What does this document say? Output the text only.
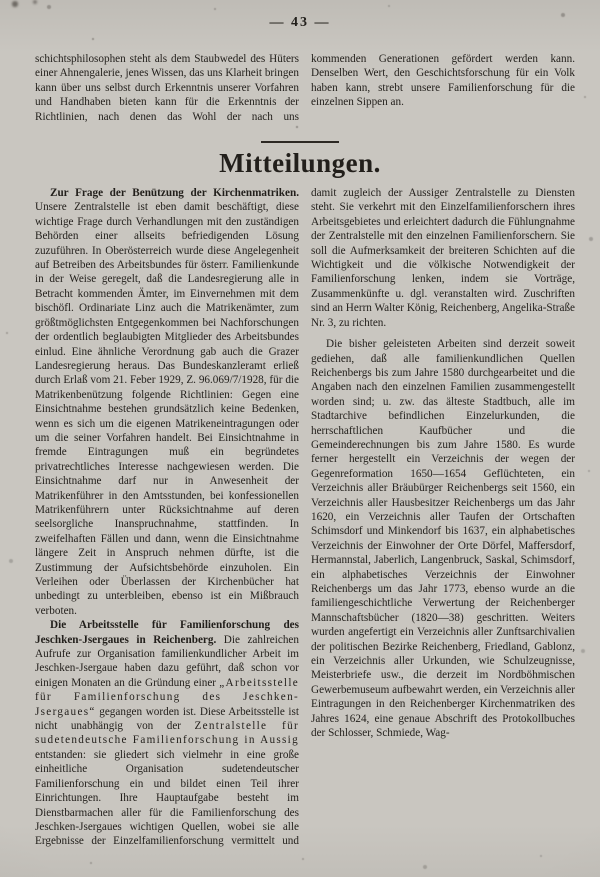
— 43 —

schichtsphilosophen steht als dem Staubwedel des Hüters einer Ahnengalerie, jenes Wissen, das uns Klarheit bringen kann über uns selbst durch Erkenntnis unserer Vorfahren und Handhaben bieten kann für die Erkenntnis der Richtlinien, nach denen das Wohl der nach uns kommenden Generationen gefördert werden kann. Denselben Wert, den Geschichtsforschung für ein Volk haben kann, strebt unsere Familienforschung für die einzelnen Sippen an.

Mitteilungen.

Zur Frage der Benützung der Kirchenmatriken. Unsere Zentralstelle ist eben damit beschäftigt, diese wichtige Frage durch Verhandlungen mit den zuständigen Behörden einer allseits befriedigenden Lösung zuzuführen. In Oberösterreich wurde diese Angelegenheit auf Betreiben des Arbeitsbundes für österr. Familienkunde in der Weise geregelt, daß die Landesregierung alle in Betracht kommenden Ämter, im Einvernehmen mit dem bischöfl. Ordinariate Linz auch die Matrikenämter, zum größtmöglichsten Entgegenkommen bei Nachforschungen der ordentlich beglaubigten Mitglieder des Arbeitsbundes einlud. Eine ähnliche Verordnung gab auch die Grazer Landesregierung heraus. Das Bundeskanzleramt erließ durch Erlaß vom 21. Feber 1929, Z. 96.069/7/1928, für die Matrikenbenützung folgende Richtlinien: Gegen eine Einsichtnahme bestehen grundsätzlich keine Bedenken, wenn es sich um die eigenen Matrikeneintragungen oder um die seiner Vorfahren handelt. Bei Einsichtnahme in fremde Eintragungen muß ein begründetes privatrechtliches Interesse nachgewiesen werden. Die Einsichtnahme darf nur in Anwesenheit der Matrikenführer in den Amtsstunden, bei konfessionellen Matrikenführern unter Rücksichtnahme auf deren seelsorgliche Inanspruchnahme, stattfinden. In zweifelhaften Fällen und dann, wenn die Einsichtnahme längere Zeit in Anspruch nehmen dürfte, ist die Zustimmung der Aufsichtsbehörde einzuholen. Ein Verleihen oder Überlassen der Kirchenbücher hat unbedingt zu unterbleiben, ebenso ist ein Mißbrauch verboten.

Die Arbeitsstelle für Familienforschung des Jeschken-Jsergaues in Reichenberg. Die zahlreichen Aufrufe zur Organisation familienkundlicher Arbeit im Jeschken-Jsergaue haben dazu geführt, daß schon vor einigen Monaten an die Gründung einer „Arbeitsstelle für Familienforschung des Jeschken-Jsergaues“ gegangen worden ist. Diese Arbeitsstelle ist nicht unabhängig von der Zentralstelle für sudetendeutsche Familienforschung in Aussig entstanden: sie gliedert sich vielmehr in eine große einheitliche Organisation sudetendeutscher Familienforschung ein und bildet einen Teil ihrer Einrichtungen. Ihre Hauptaufgabe besteht im Dienstbarmachen aller für die Familienforschung des Jeschken-Jsergaues wichtigen Quellen, wobei sie alle Ergebnisse der Einzelfamilienforschung vermittelt und damit zugleich der Aussiger Zentralstelle zu Diensten steht. Sie verkehrt mit den Einzelfamilienforschern ihres Arbeitsgebietes und erleichtert dadurch die Fühlungnahme der Zentralstelle mit den einzelnen Familienforschern. Sie soll die Aufmerksamkeit der breiteren Schichten auf die Wichtigkeit und die völkische Notwendigkeit der Familienforschung lenken, indem sie Vorträge, Zusammenkünfte u. dgl. veranstalten wird. Zuschriften sind an Herrn Walter König, Reichenberg, Angelika-Straße Nr. 3, zu richten.

Die bisher geleisteten Arbeiten sind derzeit soweit gediehen, daß alle familienkundlichen Quellen Reichenbergs bis zum Jahre 1580 durchgearbeitet und die Angaben nach den einzelnen Familien zusammengestellt worden sind; u. zw. das älteste Stadtbuch, alle im Stadtarchive befindlichen Einzelurkunden, die herrschaftlichen Kaufbücher und die Gemeinderechnungen bis zum Jahre 1580. Es wurde ferner hergestellt ein Verzeichnis der wegen der Gegenreformation 1650—1654 Geflüchteten, ein Verzeichnis aller Bräubürger Reichenbergs seit 1560, ein Verzeichnis aller Hausbesitzer Reichenbergs um das Jahr 1620, ein Verzeichnis aller Taufen der Ortschaften Schimsdorf und Minkendorf bis 1637, ein alphabetisches Verzeichnis der Einwohner der Orte Dörfel, Maffersdorf, Hermannstal, Jaberlich, Langenbruck, Saskal, Schimsdorf, ein alphabetisches Verzeichnis der Einwohner Reichenbergs um das Jahr 1773, ebenso wurde an die familiengeschichtliche Verwertung der Reichenberger Mannschaftsbücher (1820—38) geschritten. Weiters wurden angefertigt ein Verzeichnis aller Zunftsarchivalien der politischen Bezirke Reichenberg, Friedland, Gablonz, ein Verzeichnis aller Urkunden, wie Schulzeugnisse, Meisterbriefe usw., die derzeit im Nordböhmischen Gewerbemuseum aufbewahrt werden, ein Verzeichnis aller Eintragungen in den Reichenberger Kirchenmatriken des Jahres 1624, eine genaue Abschrift des Protokollbuches der Schlosser, Schmiede, Wag-
